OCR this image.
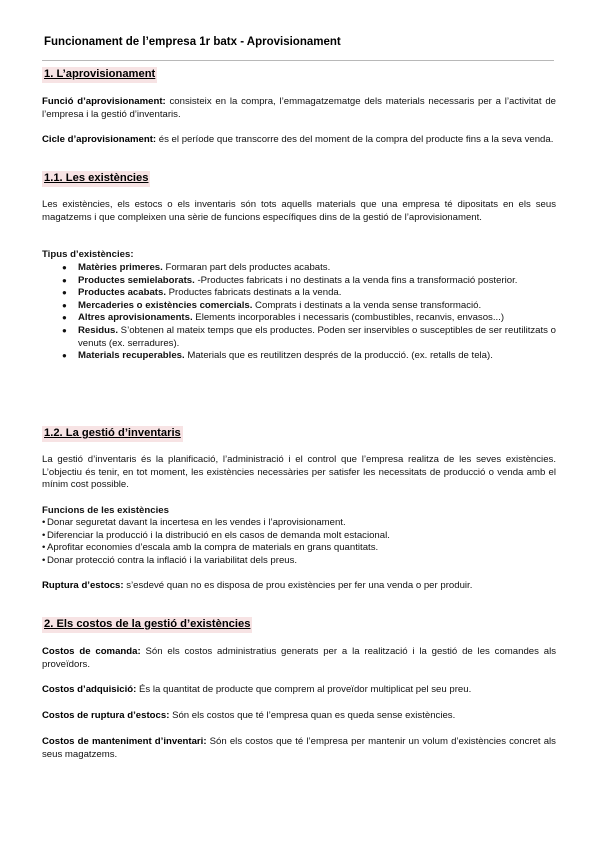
Funcionament de l’empresa 1r batx - Aprovisionament
1. L’aprovisionament
Funció d’aprovisionament: consisteix en la compra, l’emmagatzematge dels materials necessaris per a l’activitat de l’empresa i la gestió d’inventaris.
Cicle d’aprovisionament: és el període que transcorre des del moment de la compra del producte fins a la seva venda.
1.1. Les existències
Les existències, els estocs o els inventaris són tots aquells materials que una empresa té dipositats en els seus magatzems i que compleixen una sèrie de funcions específiques dins de la gestió de l’aprovisionament.
Tipus d’existències:
● Matèries primeres. Formaran part dels productes acabats.
● Productes semielaborats. -Productes fabricats i no destinats a la venda fins a transformació posterior.
● Productes acabats. Productes fabricats destinats a la venda.
● Mercaderies o existències comercials. Comprats i destinats a la venda sense transformació.
● Altres aprovisionaments. Elements incorporables i necessaris (combustibles, recanvis, envasos...)
● Residus. S’obtenen al mateix temps que els productes. Poden ser inservibles o susceptibles de ser reutilitzats o venuts (ex. serradures).
● Materials recuperables. Materials que es reutilitzen després de la producció. (ex. retalls de tela).
1.2. La gestió d’inventaris
La gestió d’inventaris és la planificació, l’administració i el control que l’empresa realitza de les seves existències. L’objectiu és tenir, en tot moment, les existències necessàries per satisfer les necessitats de producció o venda amb el mínim cost possible.
Funcions de les existències
• Donar seguretat davant la incertesa en les vendes i l’aprovisionament.
• Diferenciar la producció i la distribució en els casos de demanda molt estacional.
• Aprofitar economies d’escala amb la compra de materials en grans quantitats.
• Donar protecció contra la inflació i la variabilitat dels preus.
Ruptura d’estocs: s’esdevé quan no es disposa de prou existències per fer una venda o per produir.
2. Els costos de la gestió d’existències
Costos de comanda: Són els costos administratius generats per a la realització i la gestió de les comandes als proveïdors.
Costos d’adquisició: És la quantitat de producte que comprem al proveïdor multiplicat pel seu preu.
Costos de ruptura d’estocs: Són els costos que té l’empresa quan es queda sense existències.
Costos de manteniment d’inventari: Són els costos que té l’empresa per mantenir un volum d’existències concret als seus magatzems.
